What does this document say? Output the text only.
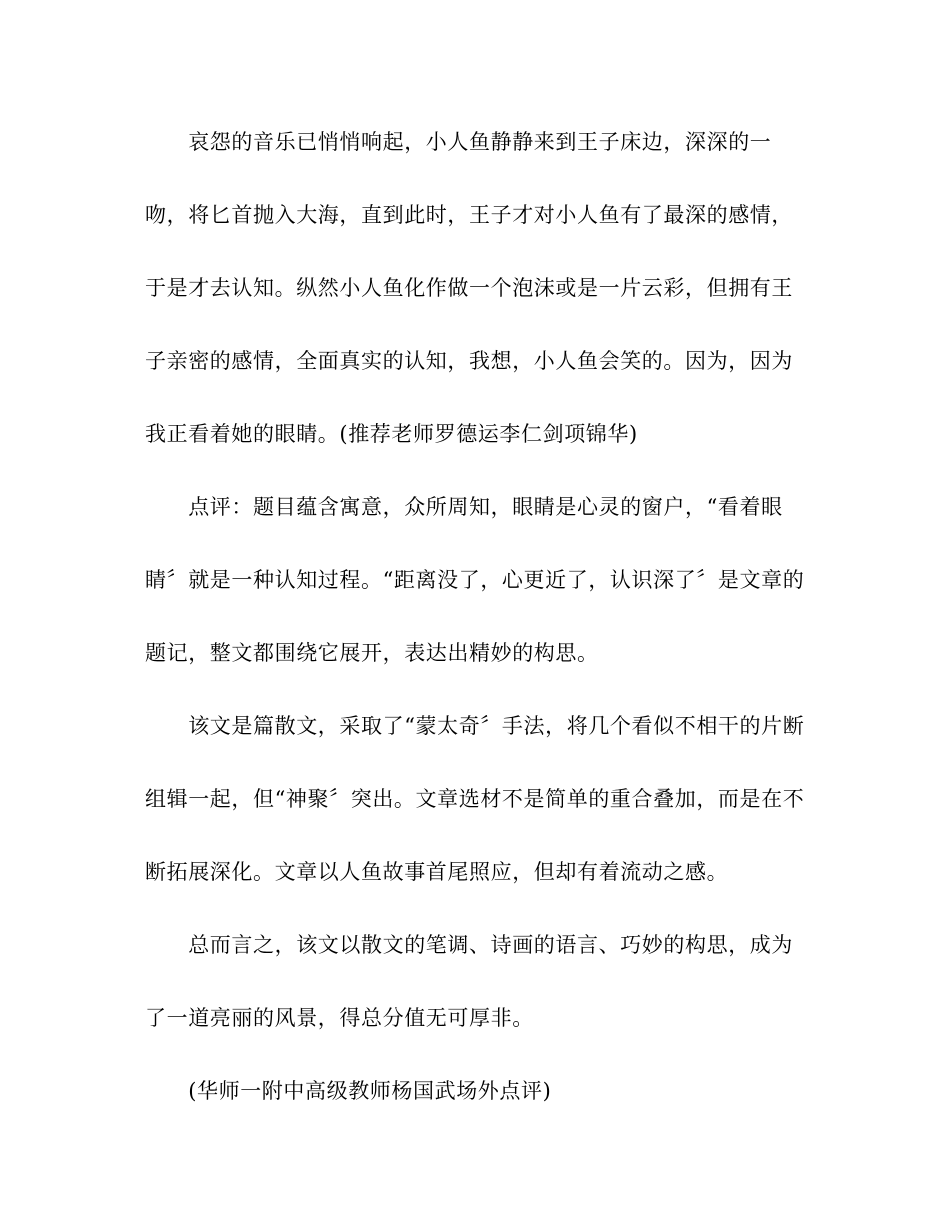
　　哀怨的音乐已悄悄响起，小人鱼静静来到王子床边，深深的一
吻，将匕首抛入大海，直到此时，王子才对小人鱼有了最深的感情，
于是才去认知。纵然小人鱼化作做一个泡沫或是一片云彩，但拥有王
子亲密的感情，全面真实的认知，我想，小人鱼会笑的。因为，因为
我正看着她的眼睛。(推荐老师罗德运李仁剑项锦华)
　　点评：题目蕴含寓意，众所周知，眼睛是心灵的窗户，“看着眼
睛〞就是一种认知过程。“距离没了，心更近了，认识深了〞是文章的
题记，整文都围绕它展开，表达出精妙的构思。
　　该文是篇散文，采取了“蒙太奇〞手法，将几个看似不相干的片断
组辑一起，但“神聚〞突出。文章选材不是简单的重合叠加，而是在不
断拓展深化。文章以人鱼故事首尾照应，但却有着流动之感。
　　总而言之，该文以散文的笔调、诗画的语言、巧妙的构思，成为
了一道亮丽的风景，得总分值无可厚非。
　　(华师一附中高级教师杨国武场外点评)
